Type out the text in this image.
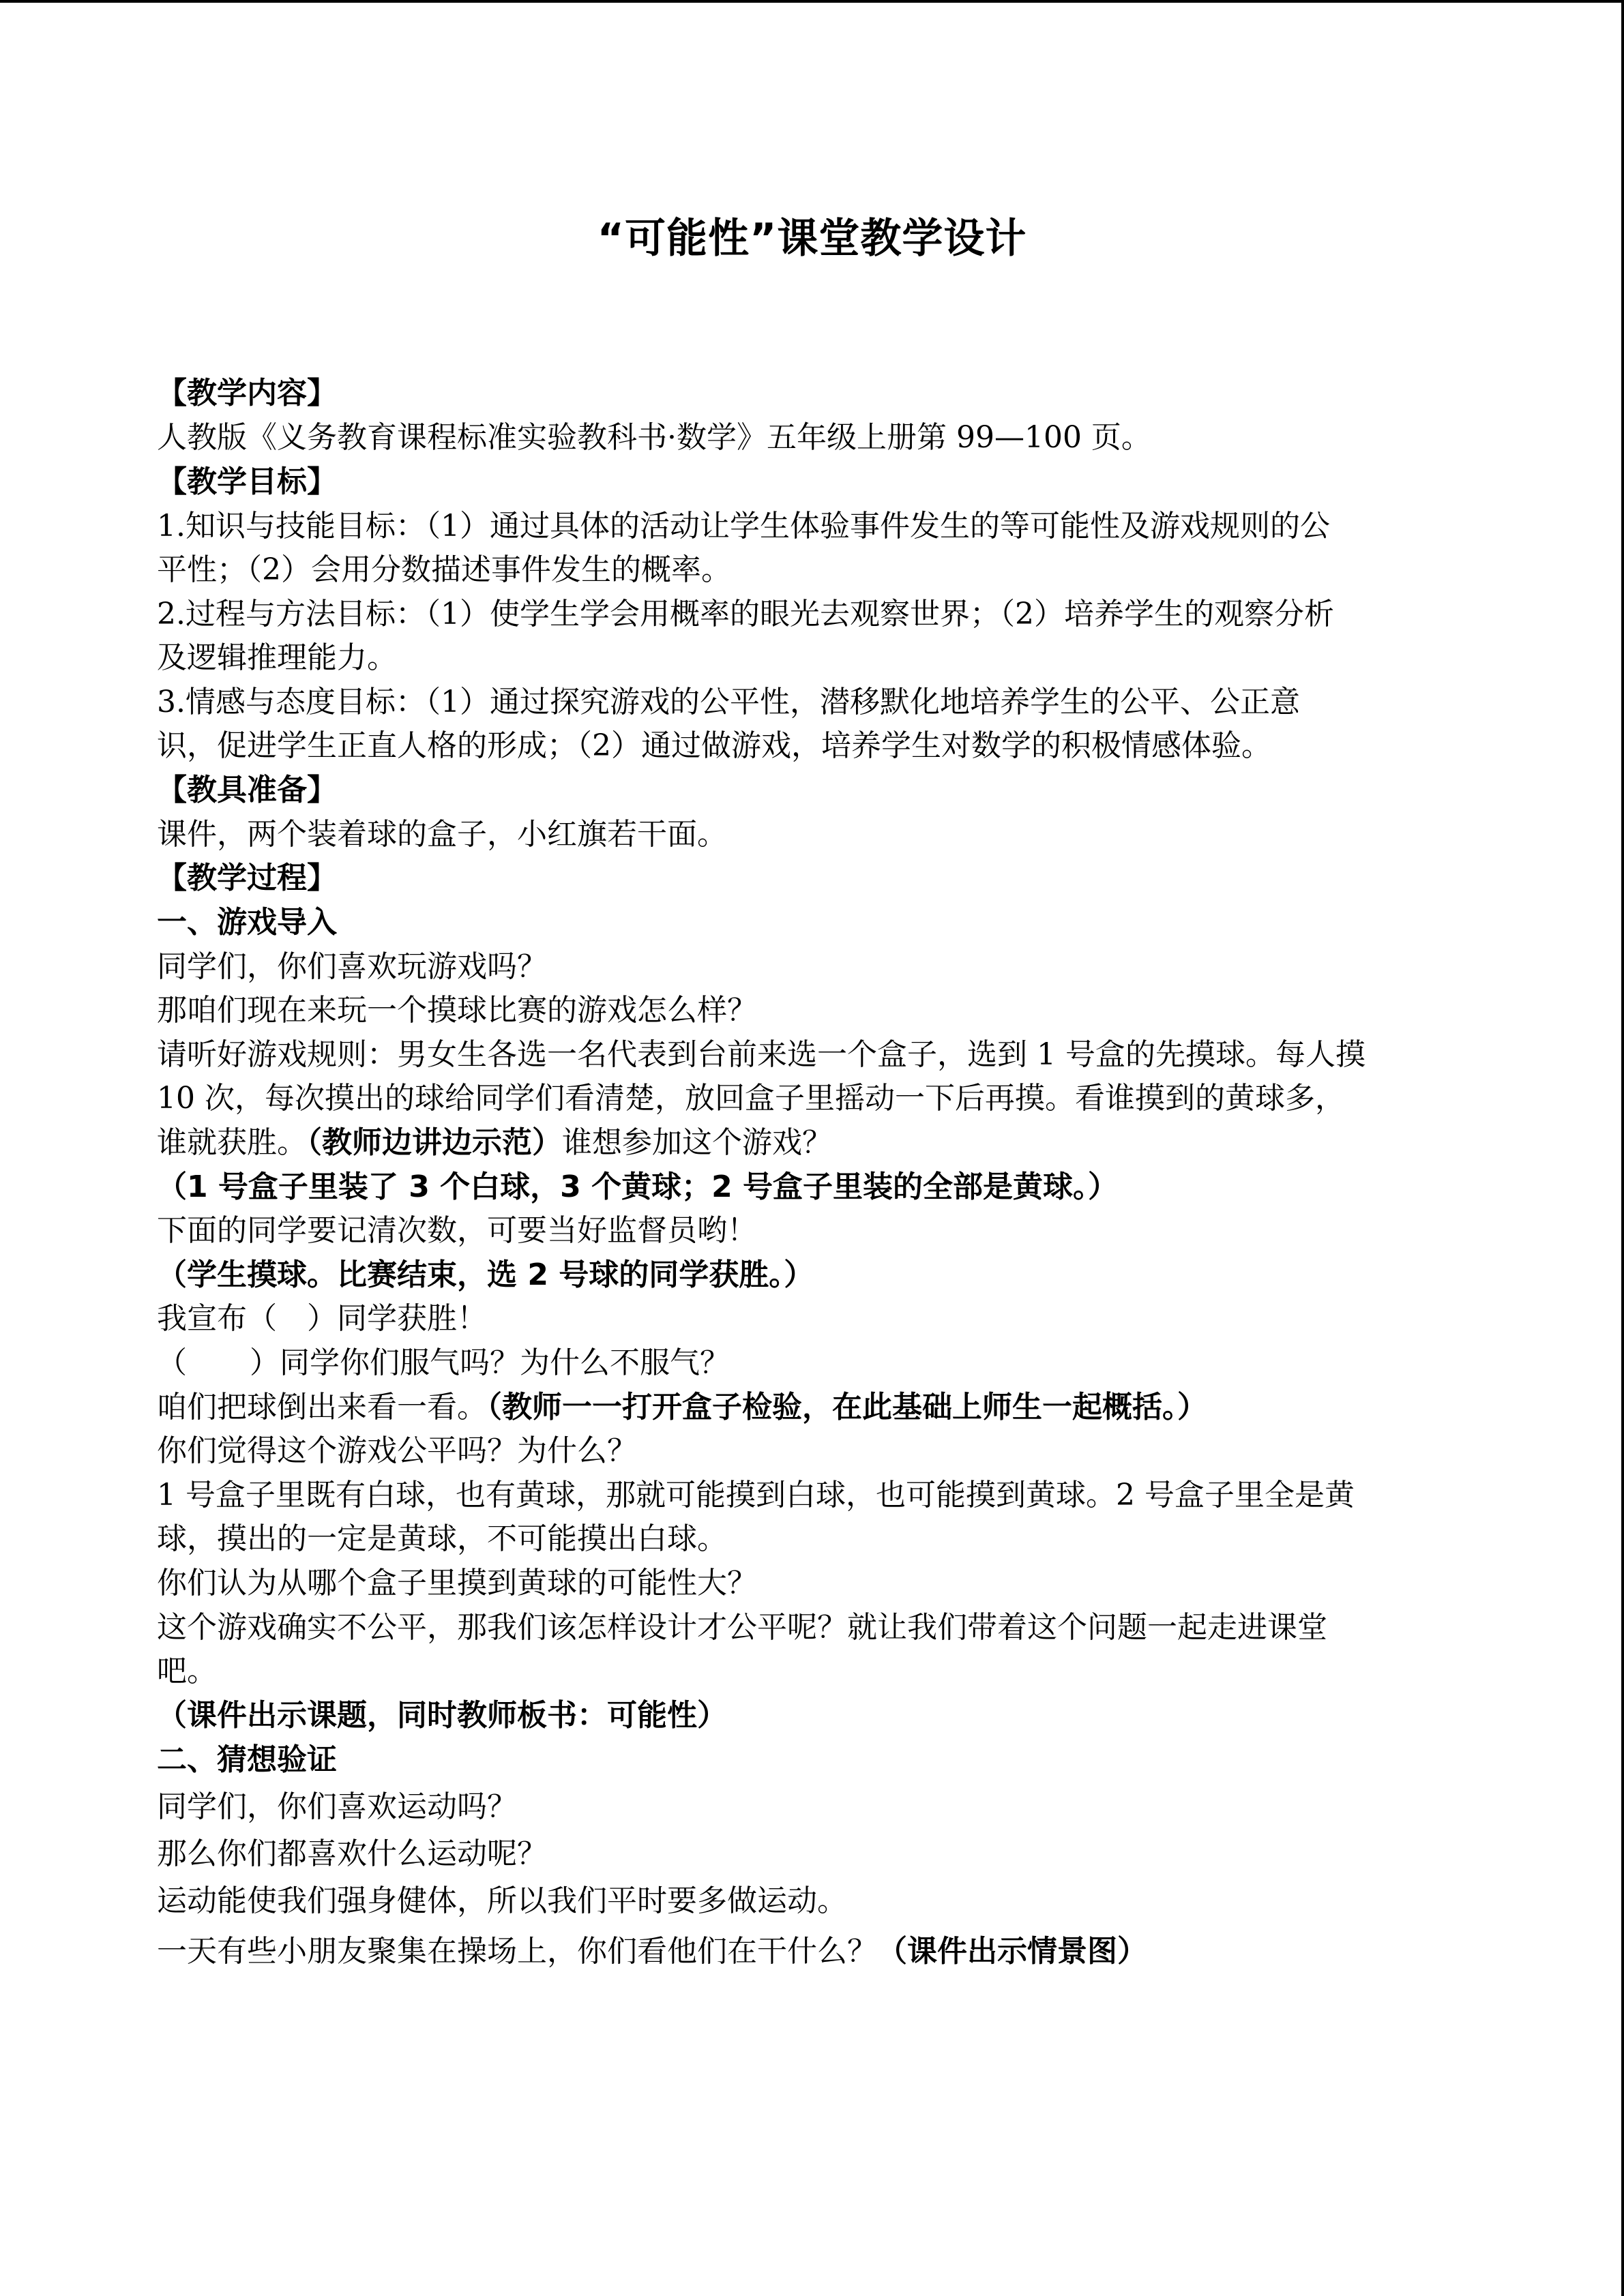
“可能性”课堂教学设计
【教学内容】
人教版《义务教育课程标准实验教科书·数学》五年级上册第 99—100 页。
【教学目标】
1.知识与技能目标：（1）通过具体的活动让学生体验事件发生的等可能性及游戏规则的公
平性；（2）会用分数描述事件发生的概率。
2.过程与方法目标：（1）使学生学会用概率的眼光去观察世界；（2）培养学生的观察分析
及逻辑推理能力。
3.情感与态度目标：（1）通过探究游戏的公平性，潜移默化地培养学生的公平、公正意
识，促进学生正直人格的形成；（2）通过做游戏，培养学生对数学的积极情感体验。
【教具准备】
课件，两个装着球的盒子，小红旗若干面。
【教学过程】
一、游戏导入
同学们，你们喜欢玩游戏吗？
那咱们现在来玩一个摸球比赛的游戏怎么样？
请听好游戏规则：男女生各选一名代表到台前来选一个盒子，选到 1 号盒的先摸球。每人摸
10 次，每次摸出的球给同学们看清楚，放回盒子里摇动一下后再摸。看谁摸到的黄球多，
谁就获胜。（教师边讲边示范）谁想参加这个游戏？
（1 号盒子里装了 3 个白球，3 个黄球；2 号盒子里装的全部是黄球。）
下面的同学要记清次数，可要当好监督员哟！
（学生摸球。比赛结束，选 2 号球的同学获胜。）
我宣布（ ）同学获胜！
（ ）同学你们服气吗？为什么不服气？
咱们把球倒出来看一看。（教师一一打开盒子检验，在此基础上师生一起概括。）
你们觉得这个游戏公平吗？为什么？
1 号盒子里既有白球，也有黄球，那就可能摸到白球，也可能摸到黄球。2 号盒子里全是黄
球，摸出的一定是黄球，不可能摸出白球。
你们认为从哪个盒子里摸到黄球的可能性大？
这个游戏确实不公平，那我们该怎样设计才公平呢？就让我们带着这个问题一起走进课堂
吧。
（课件出示课题，同时教师板书：可能性）
二、猜想验证
同学们，你们喜欢运动吗？
那么你们都喜欢什么运动呢？
运动能使我们强身健体，所以我们平时要多做运动。
一天有些小朋友聚集在操场上，你们看他们在干什么？（课件出示情景图）
